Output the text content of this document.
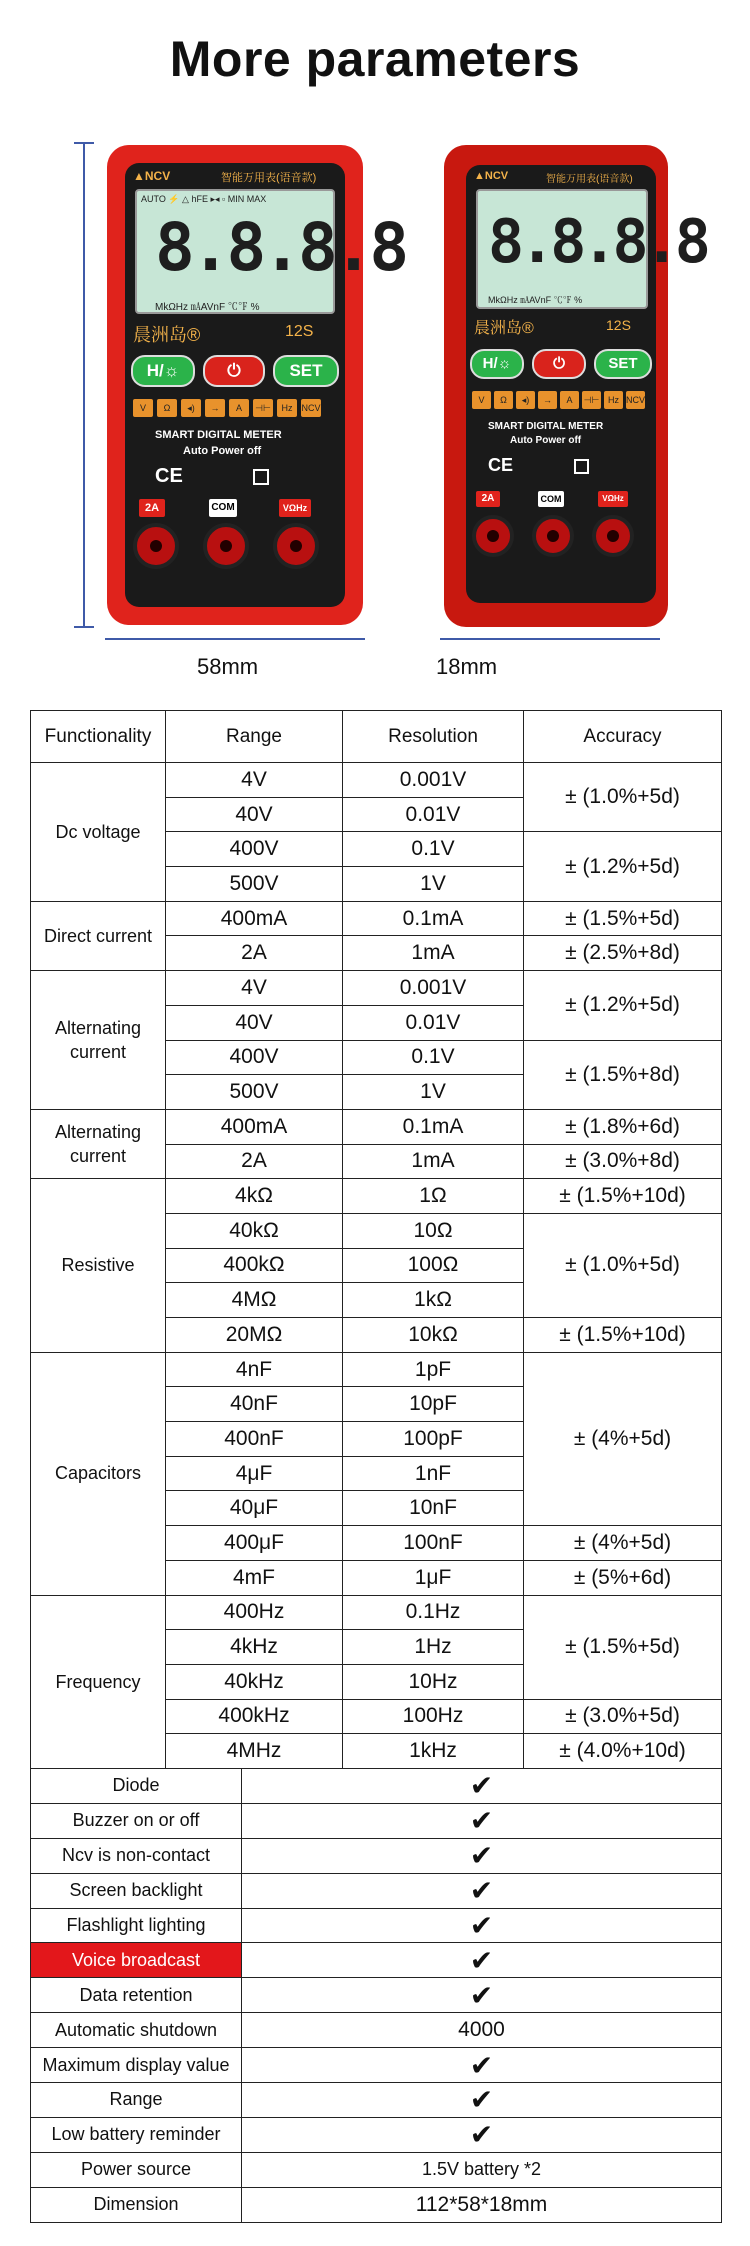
More parameters
58mm	18mm
▲NCV	智能万用表(语音款)
AUTO ⚡ △ hFE ▸◂ ▫ MIN MAX
8.8.8.8
MkΩHz ㎃AVnF ℃℉ %
晨洲岛®	12S
H/☼	⏻	SET
V	Ω	◂)	→	A	⊣⊢	Hz NCV
SMART DIGITAL METER
Auto Power off
CE
2A	COM	VΩHz
▲NCV	智能万用表(语音款)
8.8.8.8
MkΩHz ㎃AVnF ℃℉ %
晨洲岛®	12S
H/☼	⏻	SET
V	Ω	◂)	→	A	⊣⊢ Hz NCV
SMART DIGITAL METER
Auto Power off
CE
2A	COM	VΩHz
Functionality	Range		Resolution	Accuracy
Dc voltage	4V		0.001V	± (1.0%+5d)
	40V		0.01V	
	400V		0.1V	± (1.2%+5d)
	500V		1V	
Direct current	400mA		0.1mA	± (1.5%+5d)
	2A		1mA	± (2.5%+8d)
Alternating
current	4V		0.001V	± (1.2%+5d)
	40V		0.01V	
	400V		0.1V	± (1.5%+8d)
	500V		1V	
Alternating
current	400mA		0.1mA	± (1.8%+6d)
	2A		1mA	± (3.0%+8d)
Resistive	4kΩ		1Ω	± (1.5%+10d)
	40kΩ		10Ω	± (1.0%+5d)
	400kΩ		100Ω	
	4MΩ		1kΩ	
	20MΩ		10kΩ	± (1.5%+10d)
Capacitors	4nF		1pF	± (4%+5d)
	40nF		10pF	
	400nF		100pF	
	4μF		1nF	
	40μF		10nF	
	400μF		100nF	± (4%+5d)
	4mF		1μF	± (5%+6d)
Frequency	400Hz		0.1Hz	± (1.5%+5d)
	4kHz		1Hz	
	40kHz		10Hz	
	400kHz		100Hz	± (3.0%+5d)
	4MHz		1kHz	± (4.0%+10d)
Diode		✔		
Buzzer on or off		✔		
Ncv is non-contact		✔		
Screen backlight		✔		
Flashlight lighting		✔		
Voice broadcast		✔		
Data retention		✔		
Automatic shutdown		4000		
Maximum display value		✔		
Range		✔		
Low battery reminder		✔		
Power source		1.5V battery *2		
Dimension		112*58*18mm		
